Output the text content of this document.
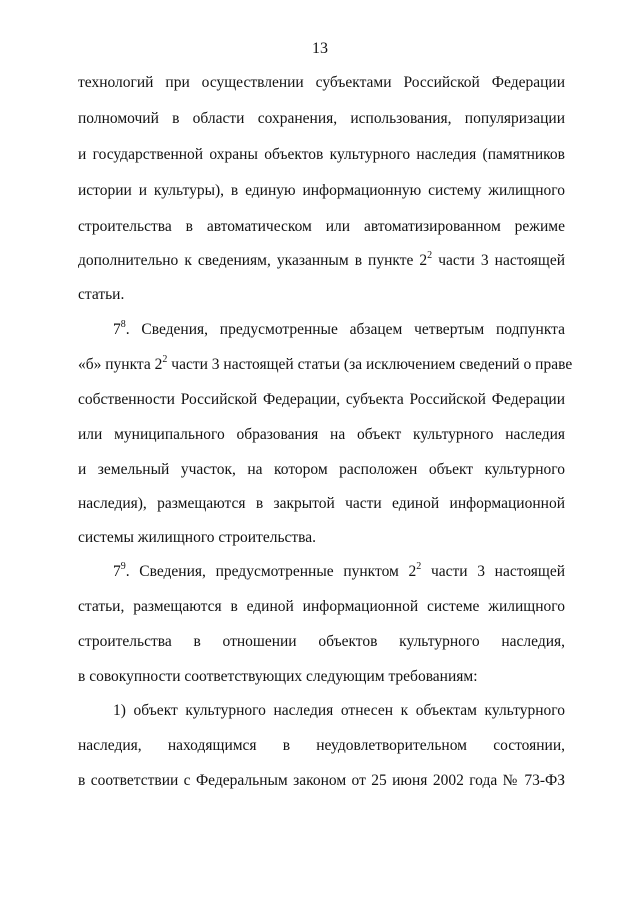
13
технологий при осуществлении субъектами Российской Федерации
полномочий в области сохранения, использования, популяризации
и государственной охраны объектов культурного наследия (памятников
истории и культуры), в единую информационную систему жилищного
строительства в автоматическом или автоматизированном режиме
дополнительно к сведениям, указанным в пункте $2^2$ части 3 настоящей
статьи.
$7^8$. Сведения, предусмотренные абзацем четвертым подпункта
«б» пункта $2^2$ части 3 настоящей статьи (за исключением сведений о праве
собственности Российской Федерации, субъекта Российской Федерации
или муниципального образования на объект культурного наследия
и земельный участок, на котором расположен объект культурного
наследия), размещаются в закрытой части единой информационной
системы жилищного строительства.
$7^9$. Сведения, предусмотренные пунктом $2^2$ части 3 настоящей
статьи, размещаются в единой информационной системе жилищного
строительства в отношении объектов культурного наследия,
в совокупности соответствующих следующим требованиям:
1) объект культурного наследия отнесен к объектам культурного
наследия, находящимся в неудовлетворительном состоянии,
в соответствии с Федеральным законом от 25 июня 2002 года № 73-ФЗ
